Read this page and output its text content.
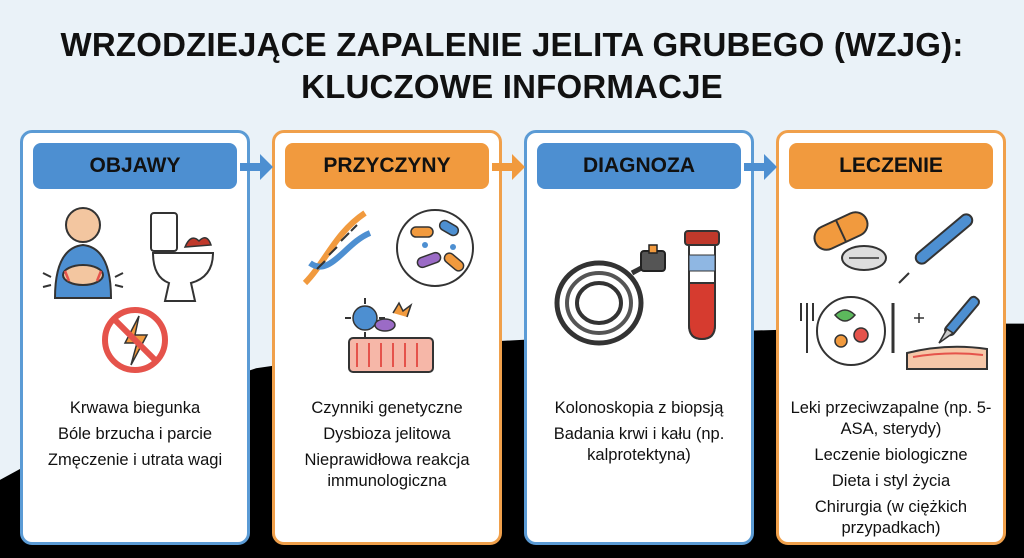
WRZODZIEJĄCE ZAPALENIE JELITA GRUBEGO (WZJG):
KLUCZOWE INFORMACJE
OBJAWY
Krwawa biegunka
Bóle brzucha i parcie
Zmęczenie i utrata wagi
PRZYCZYNY
Czynniki genetyczne
Dysbioza jelitowa
Nieprawidłowa reakcja immunologiczna
DIAGNOZA
Kolonoskopia z biopsją
Badania krwi i kału (np. kalprotektyna)
LECZENIE
Leki przeciwzapalne (np. 5-ASA, sterydy)
Leczenie biologiczne
Dieta i styl życia
Chirurgia (w ciężkich przypadkach)
